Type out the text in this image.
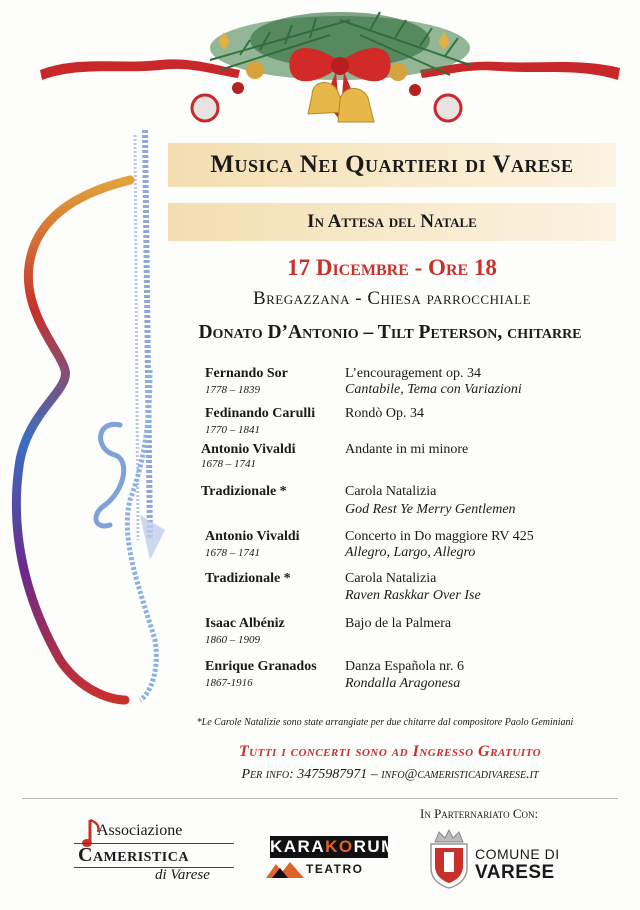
Musica Nei Quartieri di Varese
In Attesa del Natale
17 Dicembre - Ore 18
Bregazzana - Chiesa parrocchiale
Donato D’Antonio – Tilt Peterson, chitarre
Fernando Sor
1778 – 1839
L’encouragement op. 34
Cantabile, Tema con Variazioni
Fedinando Carulli
1770 – 1841
Rondò Op. 34
Antonio Vivaldi
1678 – 1741
Andante in mi minore
Tradizionale *	Carola Natalizia
God Rest Ye Merry Gentlemen
Antonio Vivaldi
1678 – 1741
Concerto in Do maggiore RV 425
Allegro, Largo, Allegro
Tradizionale *	Carola Natalizia
Raven Raskkar Over Ise
Isaac Albéniz
1860 – 1909
Bajo de la Palmera
Enrique Granados
1867-1916
Danza Española nr. 6
Rondalla Aragonesa
*Le Carole Natalizie sono state arrangiate per due chitarre dal compositore Paolo Geminiani
Tutti i concerti sono ad Ingresso Gratuito
Per info: 3475987971 – info@cameristicadivarese.it
In Parternariato Con:
Associazione
Cameristica
di Varese
KARAKORUM
TEATRO
COMUNE DI
VARESE
